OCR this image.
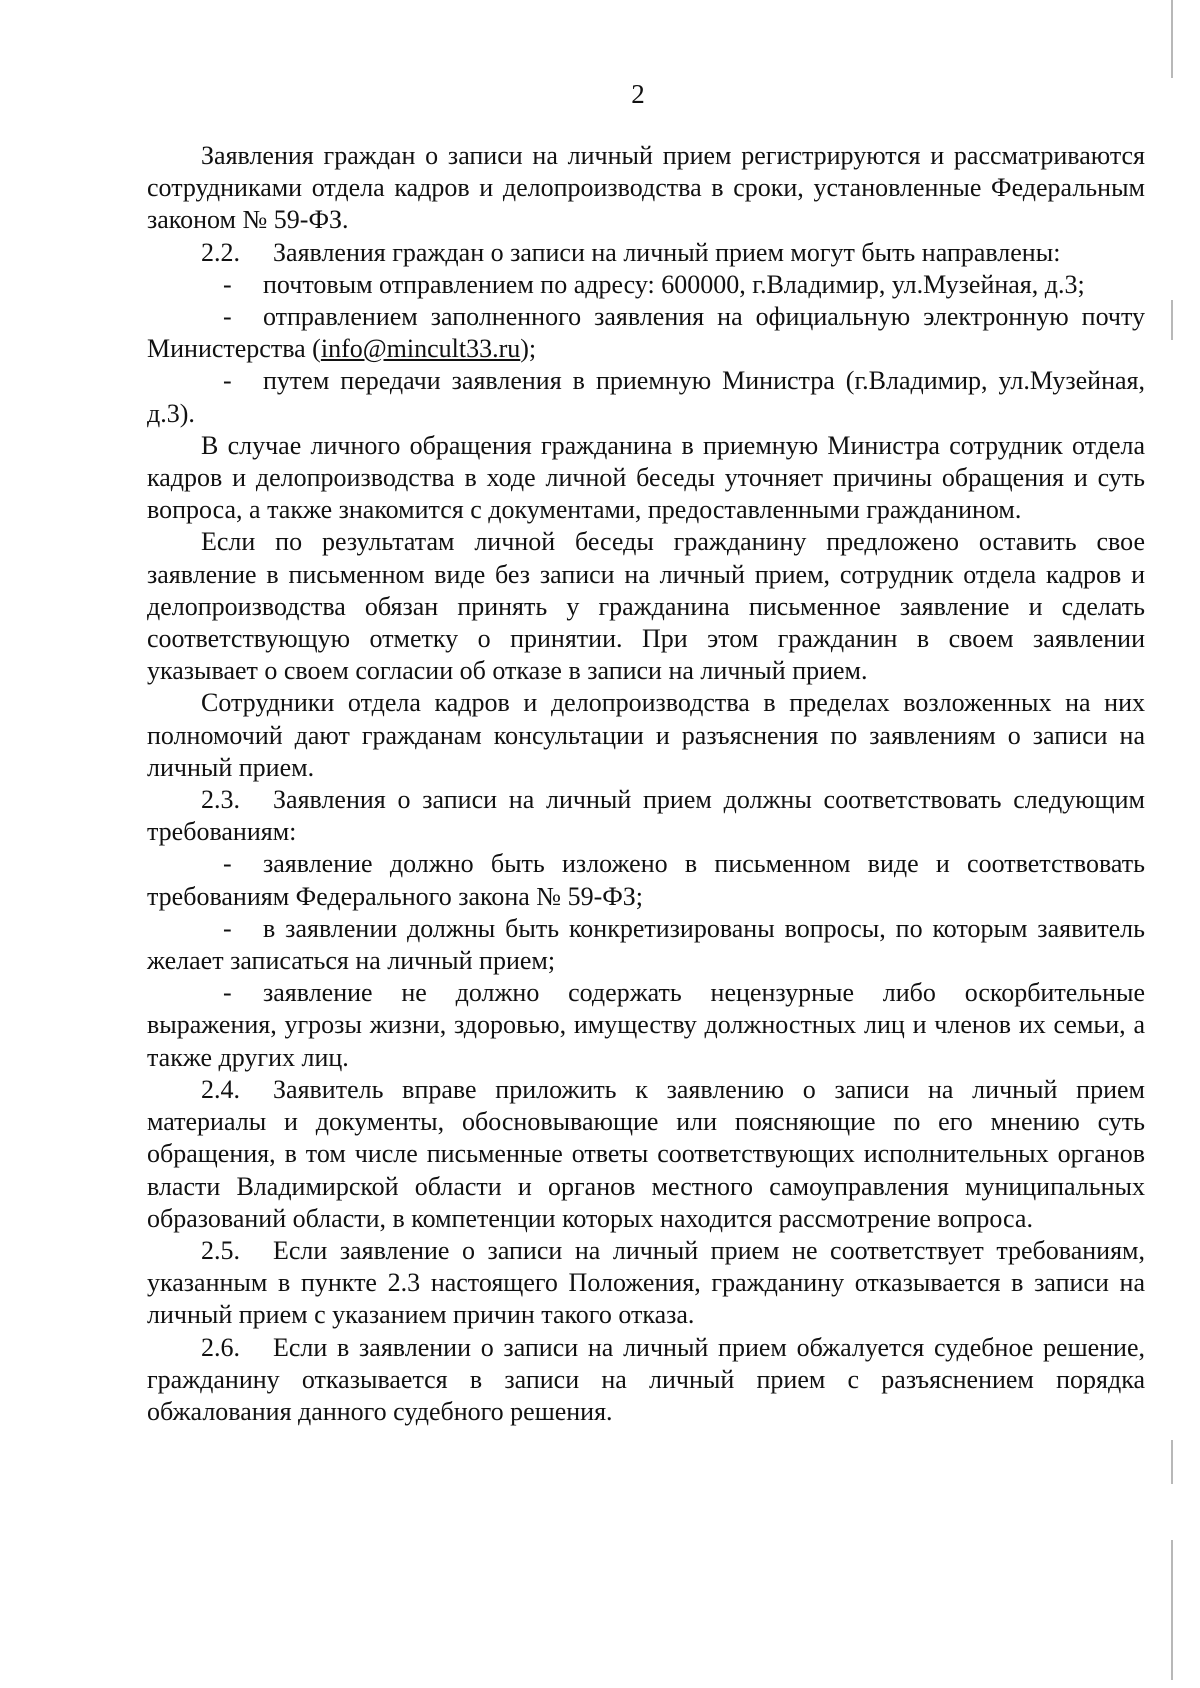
2

Заявления граждан о записи на личный прием регистрируются и рассматриваются сотрудниками отдела кадров и делопроизводства в сроки, установленные Федеральным законом № 59-ФЗ.

2.2. Заявления граждан о записи на личный прием могут быть направлены:

- почтовым отправлением по адресу: 600000, г.Владимир, ул.Музейная, д.3;

- отправлением заполненного заявления на официальную электронную почту Министерства (info@mincult33.ru);

- путем передачи заявления в приемную Министра (г.Владимир, ул.Музейная, д.3).

В случае личного обращения гражданина в приемную Министра сотрудник отдела кадров и делопроизводства в ходе личной беседы уточняет причины обращения и суть вопроса, а также знакомится с документами, предоставленными гражданином.

Если по результатам личной беседы гражданину предложено оставить свое заявление в письменном виде без записи на личный прием, сотрудник отдела кадров и делопроизводства обязан принять у гражданина письменное заявление и сделать соответствующую отметку о принятии. При этом гражданин в своем заявлении указывает о своем согласии об отказе в записи на личный прием.

Сотрудники отдела кадров и делопроизводства в пределах возложенных на них полномочий дают гражданам консультации и разъяснения по заявлениям о записи на личный прием.

2.3. Заявления о записи на личный прием должны соответствовать следующим требованиям:

- заявление должно быть изложено в письменном виде и соответствовать требованиям Федерального закона № 59-ФЗ;

- в заявлении должны быть конкретизированы вопросы, по которым заявитель желает записаться на личный прием;

- заявление не должно содержать нецензурные либо оскорбительные выражения, угрозы жизни, здоровью, имуществу должностных лиц и членов их семьи, а также других лиц.

2.4. Заявитель вправе приложить к заявлению о записи на личный прием материалы и документы, обосновывающие или поясняющие по его мнению суть обращения, в том числе письменные ответы соответствующих исполнительных органов власти Владимирской области и органов местного самоуправления муниципальных образований области, в компетенции которых находится рассмотрение вопроса.

2.5. Если заявление о записи на личный прием не соответствует требованиям, указанным в пункте 2.3 настоящего Положения, гражданину отказывается в записи на личный прием с указанием причин такого отказа.

2.6. Если в заявлении о записи на личный прием обжалуется судебное решение, гражданину отказывается в записи на личный прием с разъяснением порядка обжалования данного судебного решения.
